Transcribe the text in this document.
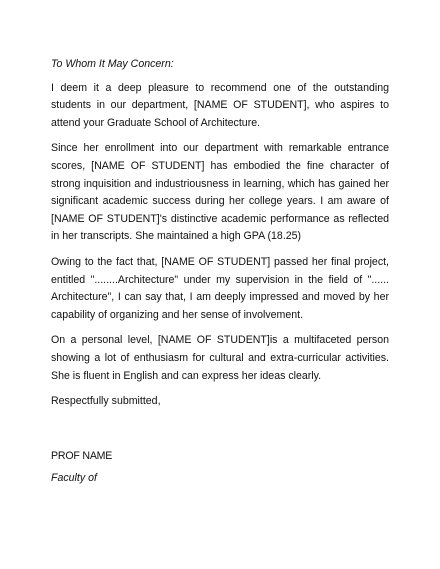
To Whom It May Concern:

I deem it a deep pleasure to recommend one of the outstanding students in our department, [NAME OF STUDENT], who aspires to attend your Graduate School of Architecture.

Since her enrollment into our department with remarkable entrance scores, [NAME OF STUDENT] has embodied the fine character of strong inquisition and industriousness in learning, which has gained her significant academic success during her college years. I am aware of [NAME OF STUDENT]'s distinctive academic performance as reflected in her transcripts. She maintained a high GPA (18.25)

Owing to the fact that, [NAME OF STUDENT] passed her final project, entitled "........Architecture" under my supervision in the field of "...... Architecture", I can say that, I am deeply impressed and moved by her capability of organizing and her sense of involvement.

On a personal level, [NAME OF STUDENT]is a multifaceted person showing a lot of enthusiasm for cultural and extra-curricular activities. She is fluent in English and can express her ideas clearly.

Respectfully submitted,

PROF NAME

Faculty of
